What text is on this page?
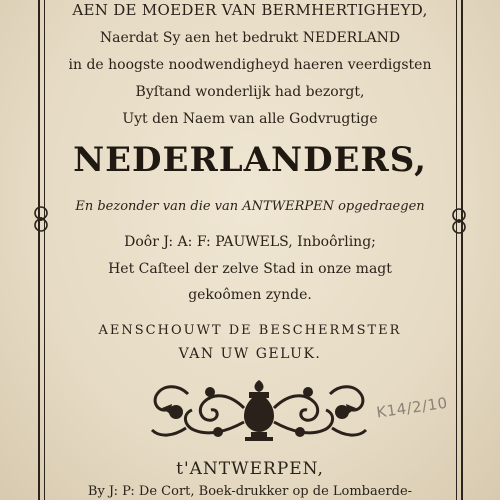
AEN DE MOEDER VAN BERMHERTIGHEYD,
Naerdat Sy aen het bedrukt NEDERLAND
in de hoogste noodwendigheyd haeren veerdigsten
Byſtand wonderlijk had bezorgt,
Uyt den Naem van alle Godvrugtige
NEDERLANDERS,
En bezonder van die van ANTWERPEN opgedraegen
Doôr J: A: F: PAUWELS, Inboôrling;
Het Caſteel der zelve Stad in onze magt
gekoômen zynde.
AENSCHOUWT DE BESCHERMSTER
VAN UW GELUK.
K14/2/10
t'ANTWERPEN,
By J: P: De Cort, Boek-drukker op de Lombaerde-
